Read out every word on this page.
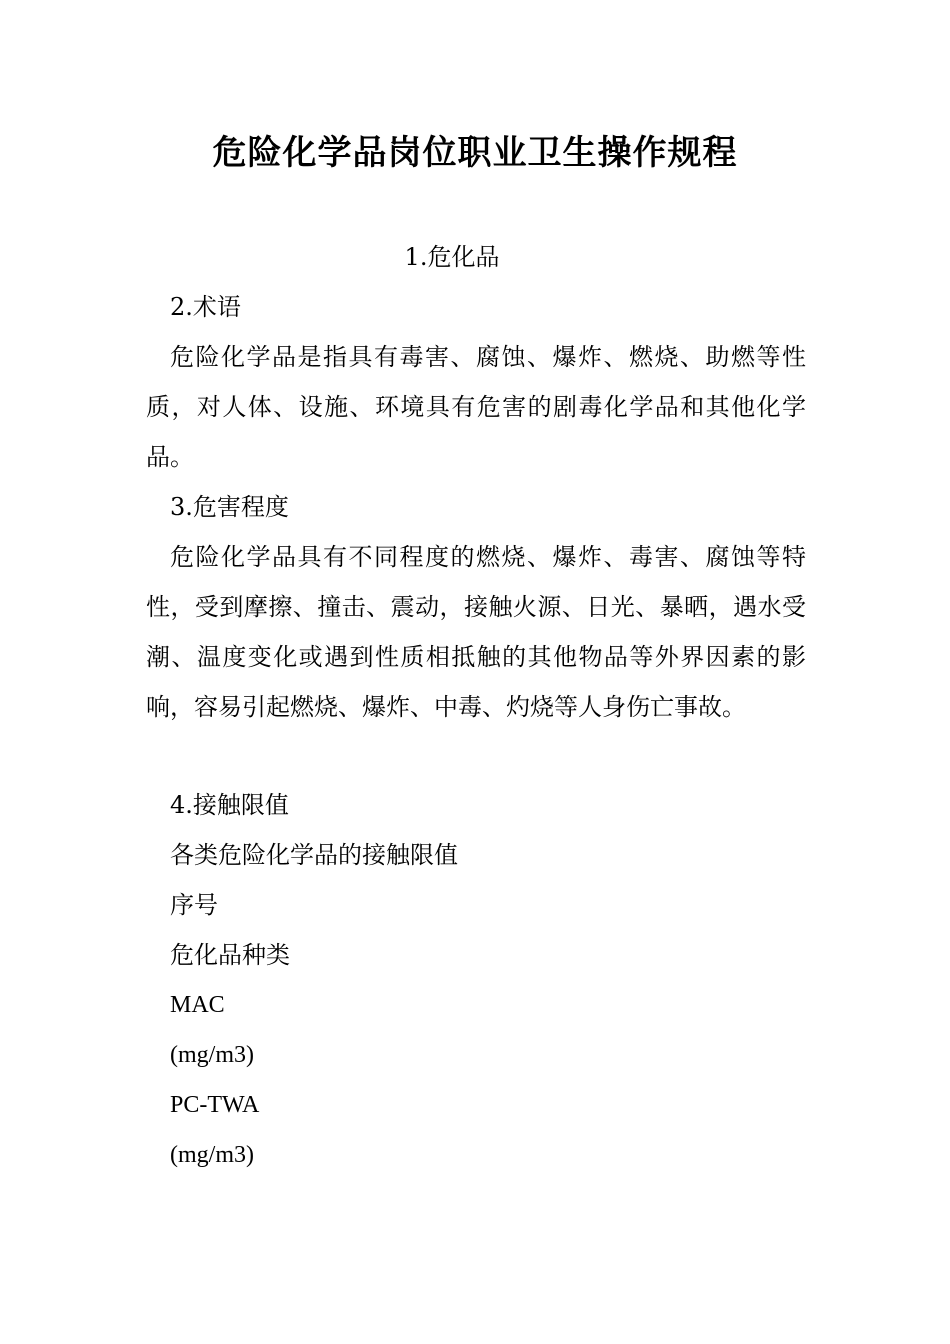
危险化学品岗位职业卫生操作规程

1.危化品

2.术语

危险化学品是指具有毒害、腐蚀、爆炸、燃烧、助燃等性质，对人体、设施、环境具有危害的剧毒化学品和其他化学品。

3.危害程度

危险化学品具有不同程度的燃烧、爆炸、毒害、腐蚀等特性，受到摩擦、撞击、震动，接触火源、日光、暴晒，遇水受潮、温度变化或遇到性质相抵触的其他物品等外界因素的影响，容易引起燃烧、爆炸、中毒、灼烧等人身伤亡事故。

4.接触限值

各类危险化学品的接触限值

序号

危化品种类

MAC

(mg/m3)

PC-TWA

(mg/m3)
